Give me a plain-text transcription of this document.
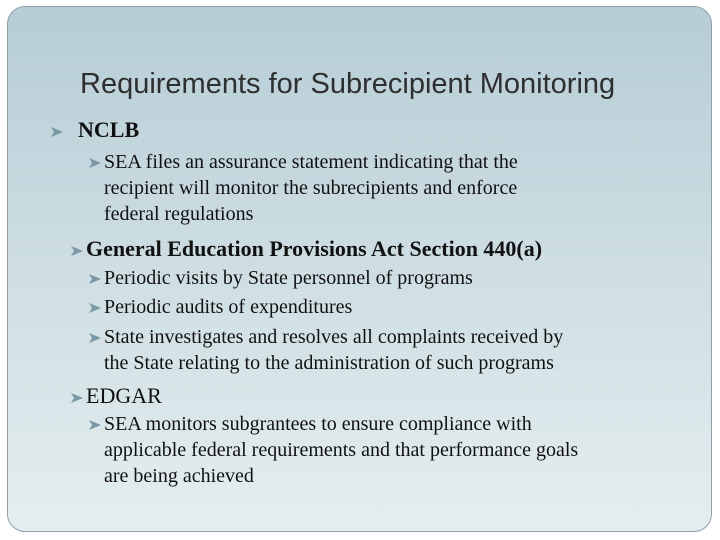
Requirements for Subrecipient Monitoring
NCLB
SEA files an assurance statement indicating that the
recipient will monitor the subrecipients and enforce
federal regulations
General Education Provisions Act Section 440(a)
Periodic visits by State personnel of programs
Periodic audits of expenditures
State investigates and resolves all complaints received by
the State relating to the administration of such programs
EDGAR
SEA monitors subgrantees to ensure compliance with
applicable federal requirements and that performance goals
are being achieved
